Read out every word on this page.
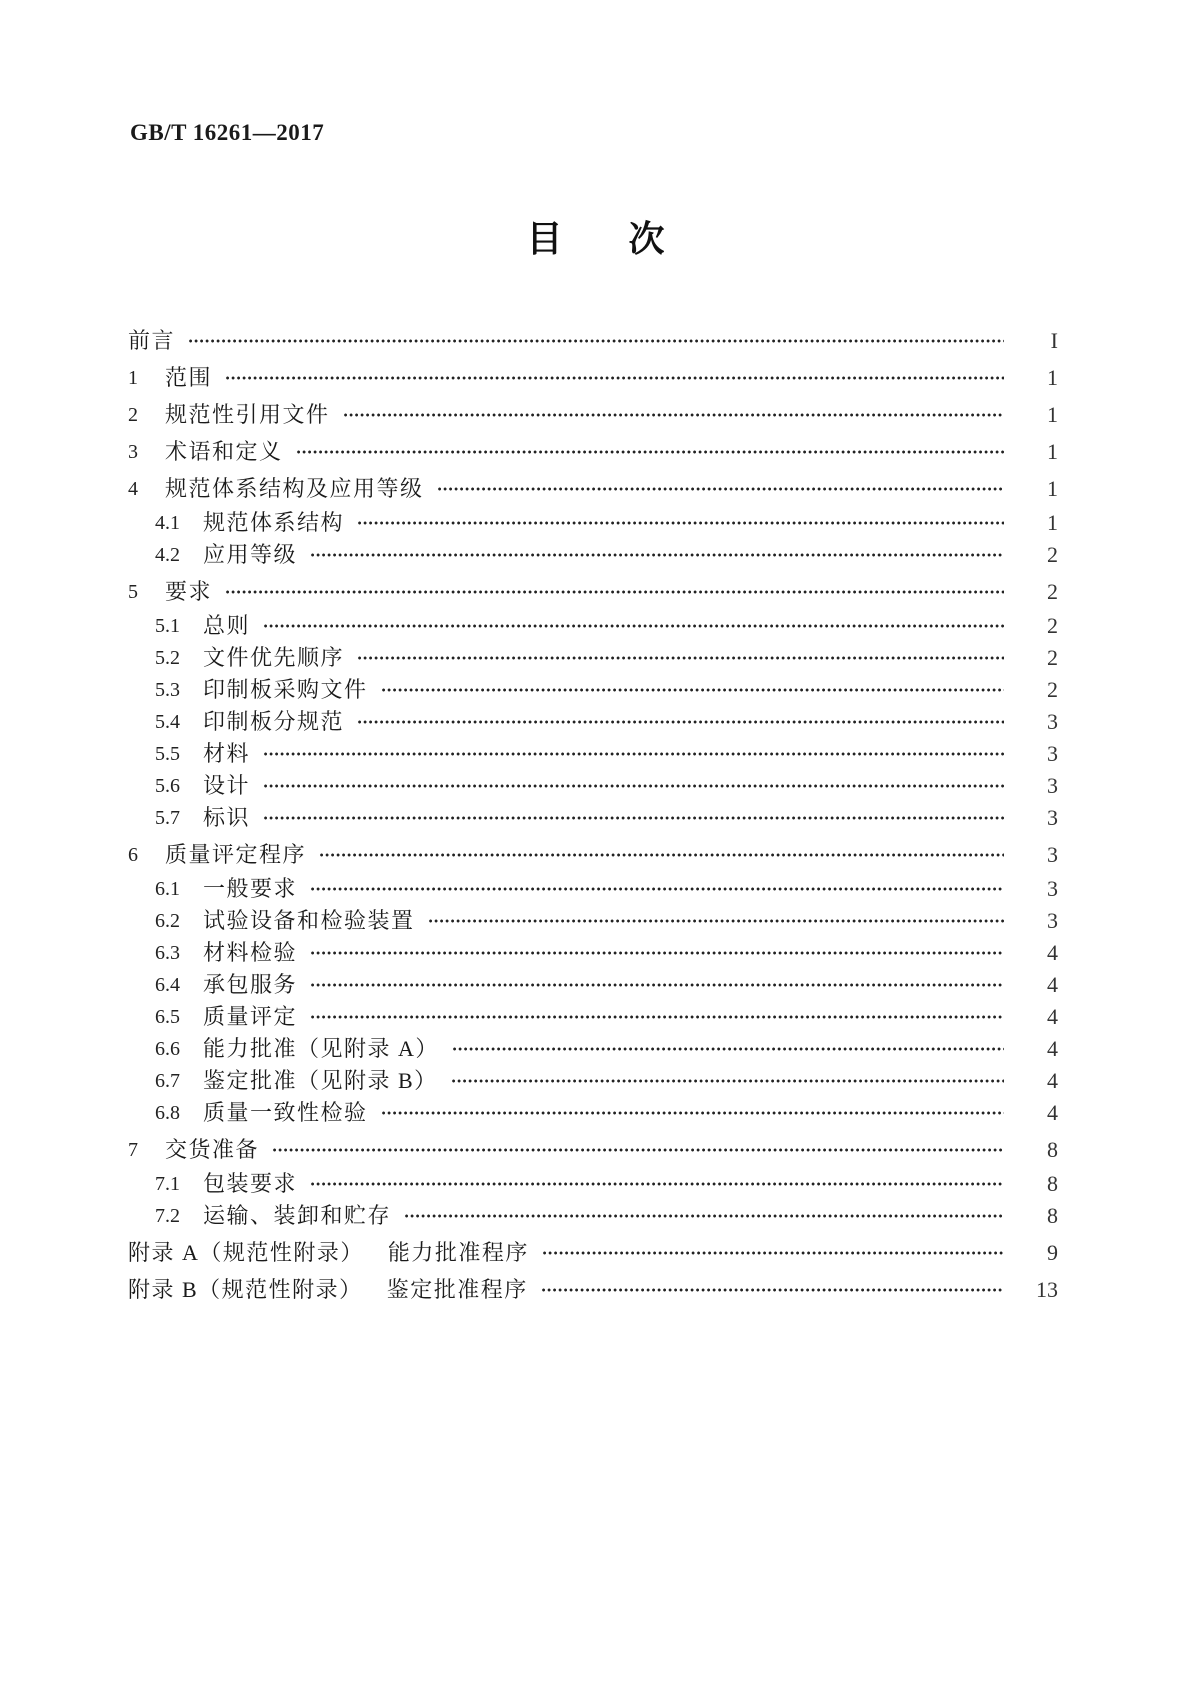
GB/T 16261—2017
目 次
前言	I
1	范围	1
2	规范性引用文件	1
3	术语和定义	1
4	规范体系结构及应用等级	1
4.1	规范体系结构	1
4.2	应用等级	2
5	要求	2
5.1	总则	2
5.2	文件优先顺序	2
5.3	印制板采购文件	2
5.4	印制板分规范	3
5.5	材料	3
5.6	设计	3
5.7	标识	3
6	质量评定程序	3
6.1	一般要求	3
6.2	试验设备和检验装置	3
6.3	材料检验	4
6.4	承包服务	4
6.5	质量评定	4
6.6	能力批准（见附录 A）	4
6.7	鉴定批准（见附录 B）	4
6.8	质量一致性检验	4
7	交货准备	8
7.1	包装要求	8
7.2	运输、装卸和贮存	8
附录 A（规范性附录） 能力批准程序	9
附录 B（规范性附录） 鉴定批准程序	13
